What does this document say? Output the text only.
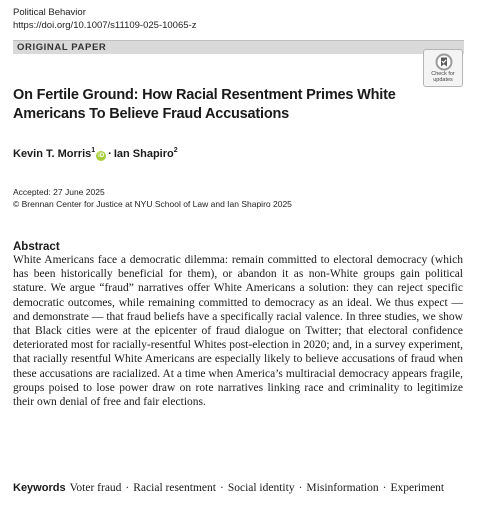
Political Behavior
https://doi.org/10.1007/s11109-025-10065-z
ORIGINAL PAPER
Check for
updates
On Fertile Ground: How Racial Resentment Primes White Americans To Believe Fraud Accusations
Kevin T. Morris$^1$iD · Ian Shapiro$^2$
Accepted: 27 June 2025
© Brennan Center for Justice at NYU School of Law and Ian Shapiro 2025
Abstract
White Americans face a democratic dilemma: remain committed to electoral democracy (which has been historically beneficial for them), or abandon it as non-White groups gain political stature. We argue “fraud” narratives offer White Americans a solution: they can reject specific democratic outcomes, while remaining committed to democracy as an ideal. We thus expect — and demonstrate — that fraud beliefs have a specifically racial valence. In three studies, we show that Black cities were at the epicenter of fraud dialogue on Twitter; that electoral confidence deteriorated most for racially-resentful Whites post-election in 2020; and, in a survey experiment, that racially resentful White Americans are especially likely to believe accusations of fraud when these accusations are racialized. At a time when America’s multiracial democracy appears fragile, groups poised to lose power draw on rote narratives linking race and criminality to legitimize their own denial of free and fair elections.
Keywords Voter fraud · Racial resentment · Social identity · Misinformation · Experiment
